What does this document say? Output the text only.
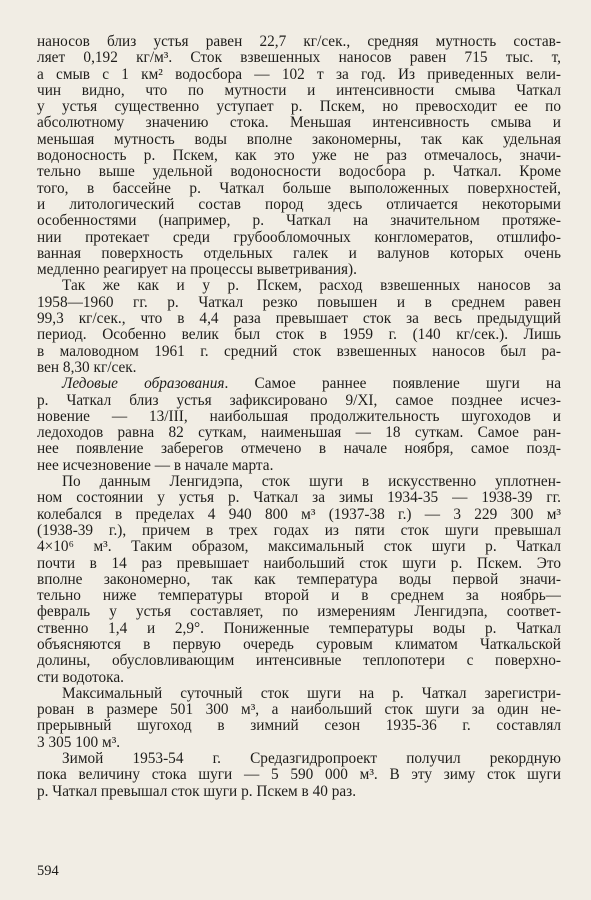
наносов близ устья равен 22,7 кг/сек., средняя мутность состав-
ляет 0,192 кг/м³. Сток взвешенных наносов равен 715 тыс. т,
а смыв с 1 км² водосбора — 102 т за год. Из приведенных вели-
чин видно, что по мутности и интенсивности смыва Чаткал
у устья существенно уступает р. Пскем, но превосходит ее по
абсолютному значению стока. Меньшая интенсивность смыва и
меньшая мутность воды вполне закономерны, так как удельная
водоносность р. Пскем, как это уже не раз отмечалось, значи-
тельно выше удельной водоносности водосбора р. Чаткал. Кроме
того, в бассейне р. Чаткал больше выположенных поверхностей,
и литологический состав пород здесь отличается некоторыми
особенностями (например, р. Чаткал на значительном протяже-
нии протекает среди грубообломочных конгломератов, отшлифо-
ванная поверхность отдельных галек и валунов которых очень
медленно реагирует на процессы выветривания).
Так же как и у р. Пскем, расход взвешенных наносов за
1958—1960 гг. р. Чаткал резко повышен и в среднем равен
99,3 кг/сек., что в 4,4 раза превышает сток за весь предыдущий
период. Особенно велик был сток в 1959 г. (140 кг/сек.). Лишь
в маловодном 1961 г. средний сток взвешенных наносов был ра-
вен 8,30 кг/сек.
Ледовые образования. Самое раннее появление шуги на
р. Чаткал близ устья зафиксировано 9/XI, самое позднее исчез-
новение — 13/III, наибольшая продолжительность шугоходов и
ледоходов равна 82 суткам, наименьшая — 18 суткам. Самое ран-
нее появление заберегов отмечено в начале ноября, самое позд-
нее исчезновение — в начале марта.
По данным Ленгидэпа, сток шуги в искусственно уплотнен-
ном состоянии у устья р. Чаткал за зимы 1934-35 — 1938-39 гг.
колебался в пределах 4 940 800 м³ (1937-38 г.) — 3 229 300 м³
(1938-39 г.), причем в трех годах из пяти сток шуги превышал
4×10⁶ м³. Таким образом, максимальный сток шуги р. Чаткал
почти в 14 раз превышает наибольший сток шуги р. Пскем. Это
вполне закономерно, так как температура воды первой значи-
тельно ниже температуры второй и в среднем за ноябрь—
февраль у устья составляет, по измерениям Ленгидэпа, соответ-
ственно 1,4 и 2,9°. Пониженные температуры воды р. Чаткал
объясняются в первую очередь суровым климатом Чаткальской
долины, обусловливающим интенсивные теплопотери с поверхно-
сти водотока.
Максимальный суточный сток шуги на р. Чаткал зарегистри-
рован в размере 501 300 м³, а наибольший сток шуги за один не-
прерывный шугоход в зимний сезон 1935-36 г. составлял
3 305 100 м³.
Зимой 1953-54 г. Средазгидропроект получил рекордную
пока величину стока шуги — 5 590 000 м³. В эту зиму сток шуги
р. Чаткал превышал сток шуги р. Пскем в 40 раз.
594
